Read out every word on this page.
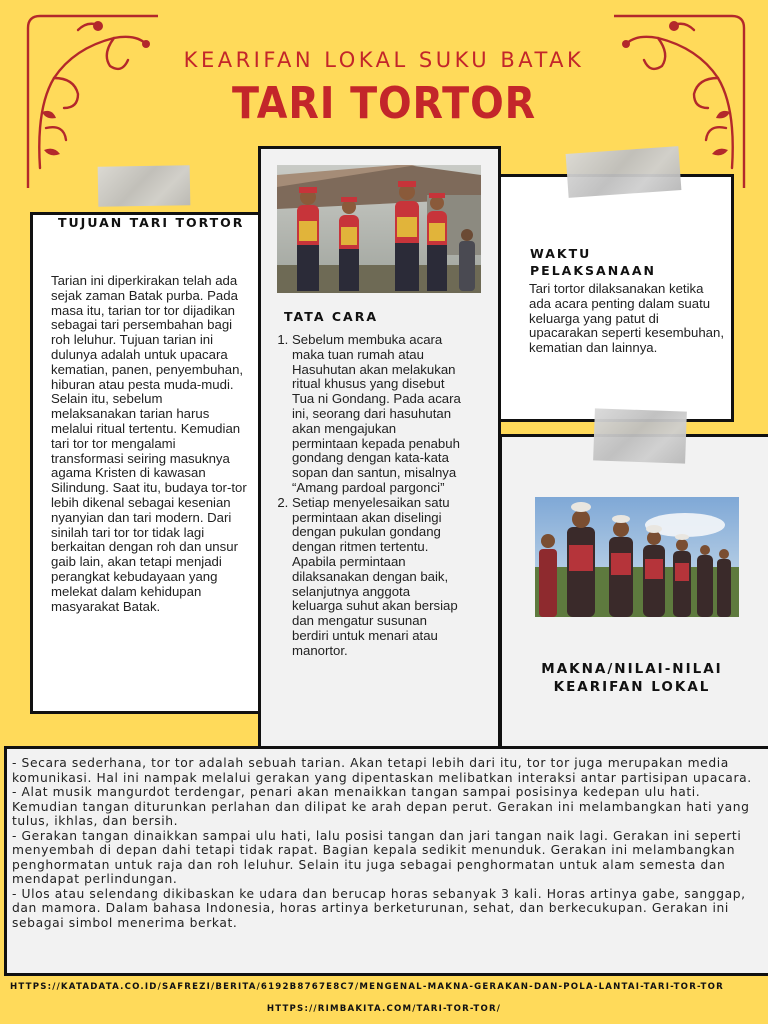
KEARIFAN LOKAL SUKU BATAK
TARI TORTOR
TUJUAN TARI TORTOR
Tarian ini diperkirakan telah ada sejak zaman Batak purba. Pada masa itu, tarian tor tor dijadikan sebagai tari persembahan bagi roh leluhur. Tujuan tarian ini dulunya adalah untuk upacara kematian, panen, penyembuhan, hiburan atau pesta muda-mudi. Selain itu, sebelum melaksanakan tarian harus melalui ritual tertentu. Kemudian tari tor tor mengalami transformasi seiring masuknya agama Kristen di kawasan Silindung. Saat itu, budaya tor-tor lebih dikenal sebagai kesenian nyanyian dan tari modern. Dari sinilah tari tor tor tidak lagi berkaitan dengan roh dan unsur gaib lain, akan tetapi menjadi perangkat kebudayaan yang melekat dalam kehidupan masyarakat Batak.
TATA CARA
1. Sebelum membuka acara maka tuan rumah atau Hasuhutan akan melakukan ritual khusus yang disebut Tua ni Gondang. Pada acara ini, seorang dari hasuhutan akan mengajukan permintaan kepada penabuh gondang dengan kata-kata sopan dan santun, misalnya “Amang pardoal pargonci”
2. Setiap menyelesaikan satu permintaan akan diselingi dengan pukulan gondang dengan ritmen tertentu. Apabila permintaan dilaksanakan dengan baik, selanjutnya anggota keluarga suhut akan bersiap dan mengatur susunan berdiri untuk menari atau manortor.
WAKTU PELAKSANAAN
Tari tortor dilaksanakan ketika ada acara penting dalam suatu keluarga yang patut di upacarakan seperti kesembuhan, kematian dan lainnya.
MAKNA/NILAI-NILAI KEARIFAN LOKAL
- Secara sederhana, tor tor adalah sebuah tarian. Akan tetapi lebih dari itu, tor tor juga merupakan media komunikasi. Hal ini nampak melalui gerakan yang dipentaskan melibatkan interaksi antar partisipan upacara.
- Alat musik mangurdot terdengar, penari akan menaikkan tangan sampai posisinya kedepan ulu hati. Kemudian tangan diturunkan perlahan dan dilipat ke arah depan perut. Gerakan ini melambangkan hati yang tulus, ikhlas, dan bersih.
- Gerakan tangan dinaikkan sampai ulu hati, lalu posisi tangan dan jari tangan naik lagi. Gerakan ini seperti menyembah di depan dahi tetapi tidak rapat. Bagian kepala sedikit menunduk. Gerakan ini melambangkan penghormatan untuk raja dan roh leluhur. Selain itu juga sebagai penghormatan untuk alam semesta dan mendapat perlindungan.
- Ulos atau selendang dikibaskan ke udara dan berucap horas sebanyak 3 kali. Horas artinya gabe, sanggap, dan mamora. Dalam bahasa Indonesia, horas artinya berketurunan, sehat, dan berkecukupan. Gerakan ini sebagai simbol menerima berkat.
HTTPS://KATADATA.CO.ID/SAFREZI/BERITA/6192B8767E8C7/MENGENAL-MAKNA-GERAKAN-DAN-POLA-LANTAI-TARI-TOR-TOR
HTTPS://RIMBAKITA.COM/TARI-TOR-TOR/
